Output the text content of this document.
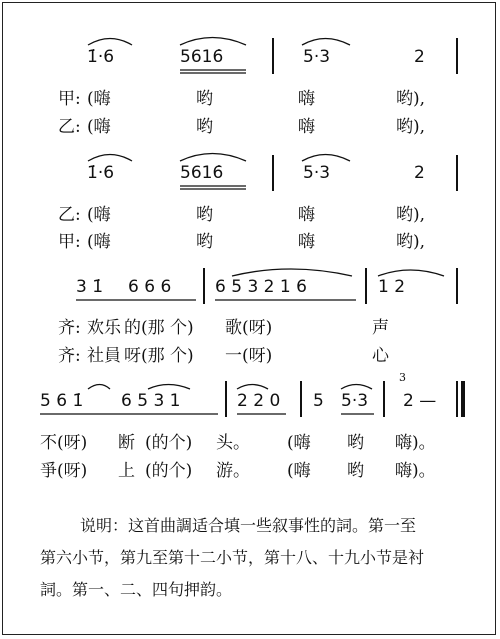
1̇·6	5616̇	5·3	2
甲: (嗨	哟	嗨	哟),
乙: (嗨	哟	嗨	哟),
1̇·6	5616̇	5·3	2
乙: (嗨	哟	嗨	哟),
甲: (嗨	哟	嗨	哟),
3 1̇ 6 6 6	6 5 3 2 1 6	1 2
齐: 欢乐 的(那 个) 歌(呀)	声
齐: 社員 呀(那 个) 一(呀)	心
5 6 1̇ 6 5 3 1	2 2 0 5 5·3 2 —
3
不(呀) 断 (的个) 头。 (嗨 哟 嗨)。
爭(呀) 上 (的个) 游。 (嗨 哟 嗨)。
说明：这首曲調适合填一些叙事性的詞。第一至
第六小节，第九至第十二小节，第十八、十九小节是衬
詞。第一、二、四句押韵。
